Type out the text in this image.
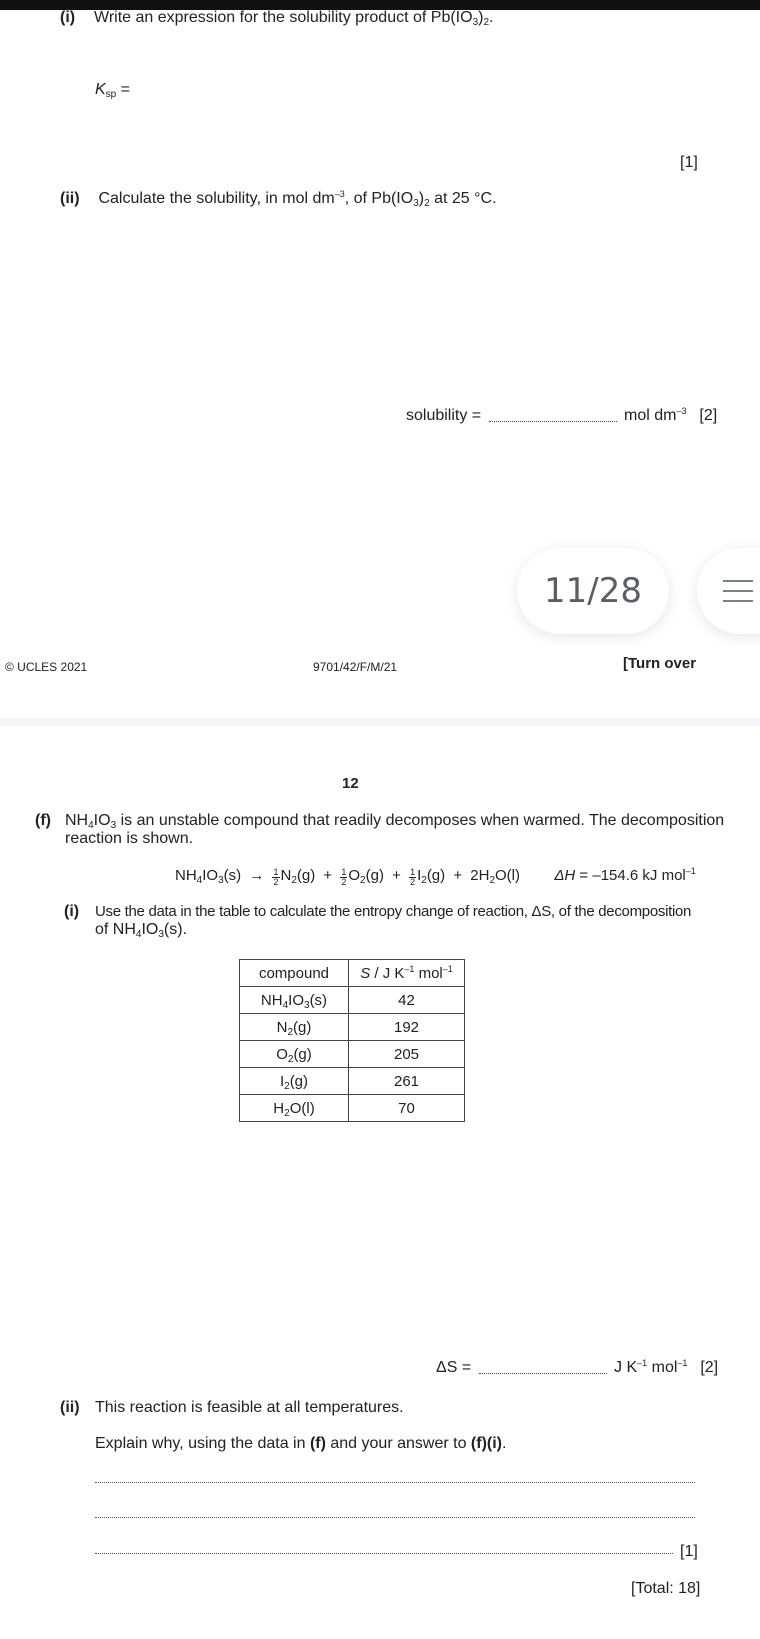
(i) Write an expression for the solubility product of $Pb(IO_3)_2$.
$K_{sp}$ =
[1]
(ii) Calculate the solubility, in mol $dm^{-3}$, of $Pb(IO_3)_2$ at 25 °C.
solubility =	mol $dm^{-3}$ [2]
11/28
© UCLES 2021	9701/42/F/M/21	[Turn over
12
(f) $NH_4IO_3$ is an unstable compound that readily decomposes when warmed. The decomposition
reaction is shown.
$NH_4IO_3(s) \to \frac{1}{2} N_2(g) + \frac{1}{2} O_2(g) + \frac{1}{2} I_2(g) + 2H_2O(l) \Delta H = -154.6$ kJ mol$^{-1}$
(i) Use the data in the table to calculate the entropy change of reaction, ΔS, of the decomposition
of $NH_4IO_3(s)$.
compound	S / J $K^{-1}$ mol$^{-1}$
$NH_4IO_3(s)$	42
$N_2(g)$	192
$O_2(g)$	205
$I_2(g)$	261
$H_2O(l)$	70
ΔS =	J $K^{-1}$ mol$^{-1}$ [2]
(ii) This reaction is feasible at all temperatures.
Explain why, using the data in (f) and your answer to (f)(i).
[1]
[Total: 18]
